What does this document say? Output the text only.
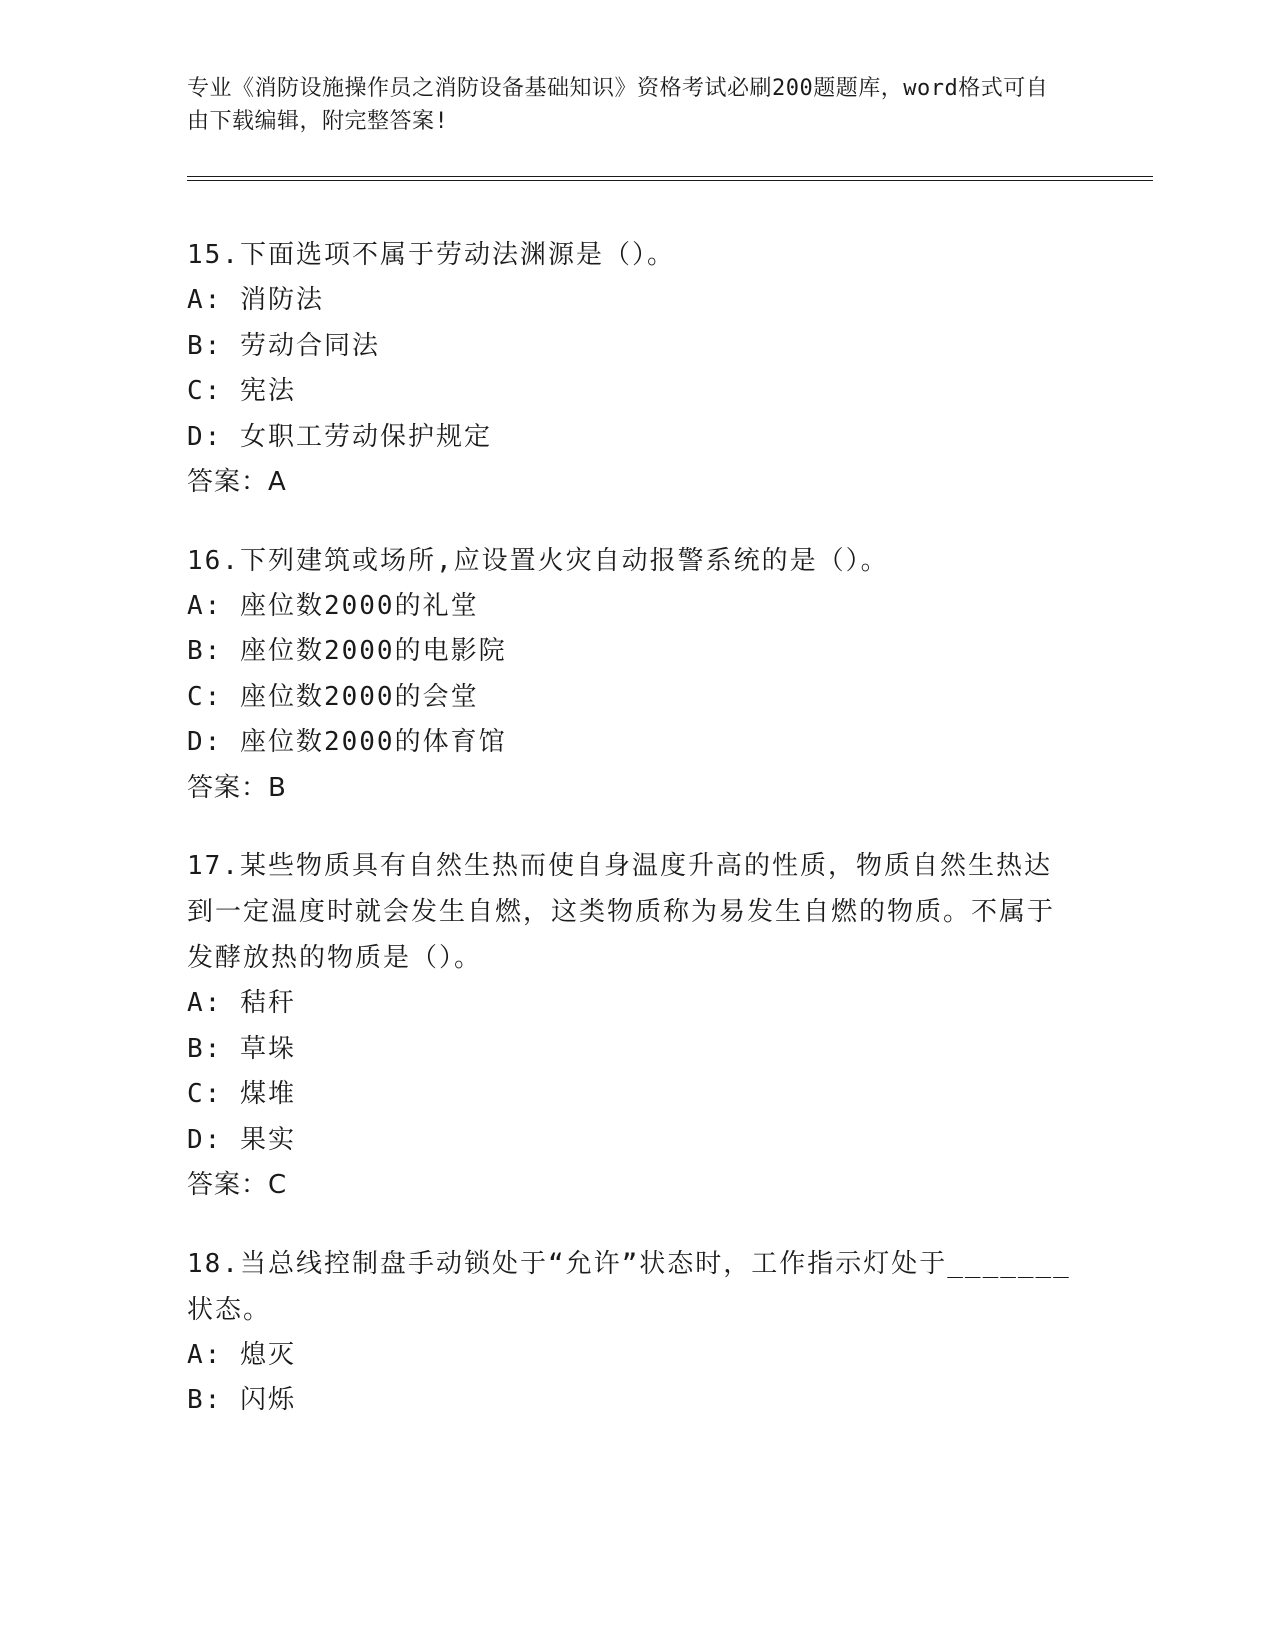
专业《消防设施操作员之消防设备基础知识》资格考试必刷200题题库，word格式可自由下载编辑，附完整答案!

15.下面选项不属于劳动法渊源是（）。

A: 消防法

B: 劳动合同法

C: 宪法

D: 女职工劳动保护规定

答案：A

16.下列建筑或场所,应设置火灾自动报警系统的是（）。

A: 座位数2000的礼堂

B: 座位数2000的电影院

C: 座位数2000的会堂

D: 座位数2000的体育馆

答案：B

17.某些物质具有自然生热而使自身温度升高的性质，物质自然生热达到一定温度时就会发生自燃，这类物质称为易发生自燃的物质。不属于发酵放热的物质是（）。

A: 秸秆

B: 草垛

C: 煤堆

D: 果实

答案：C

18.当总线控制盘手动锁处于“允许”状态时，工作指示灯处于_______状态。

A: 熄灭

B: 闪烁
